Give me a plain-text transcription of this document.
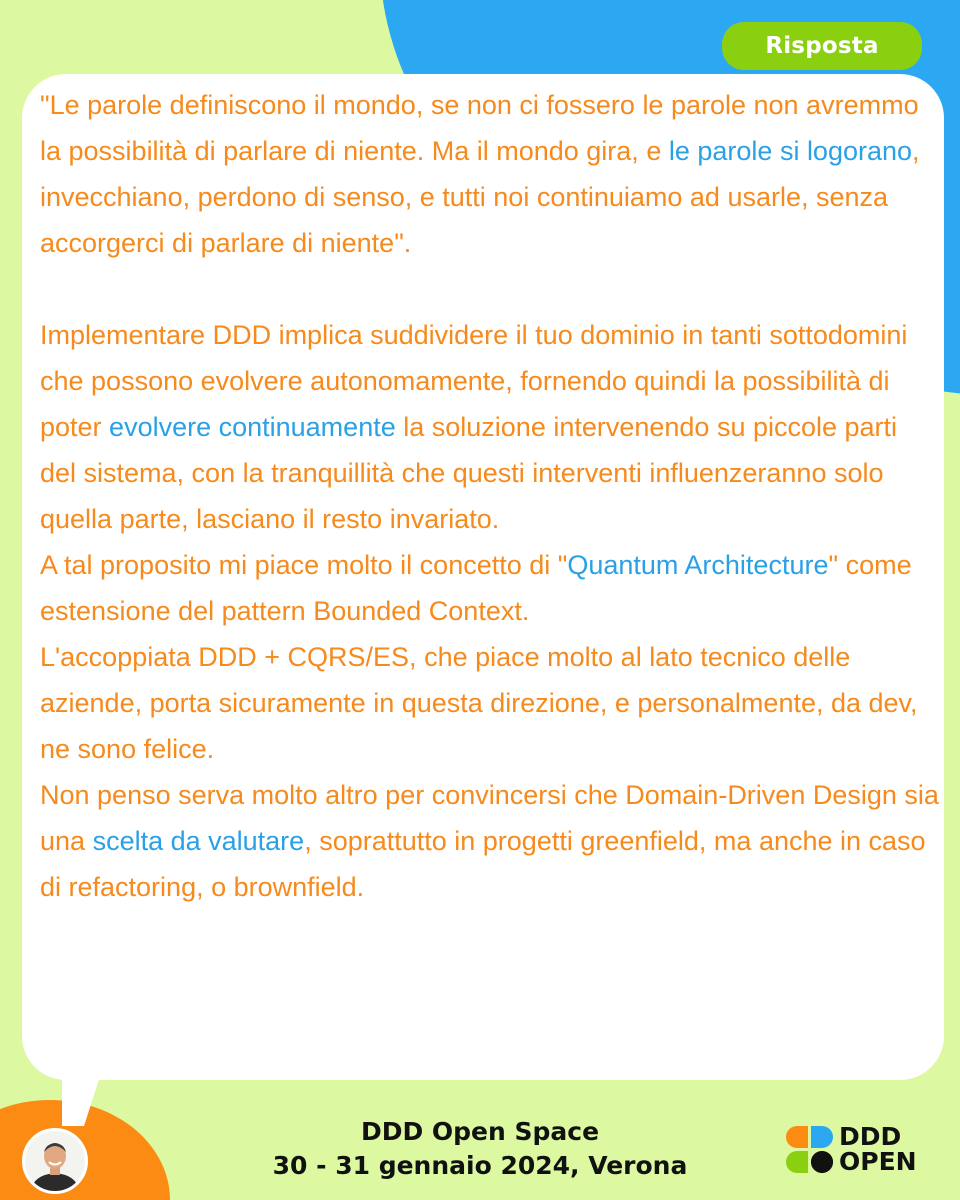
Risposta

"Le parole definiscono il mondo, se non ci fossero le parole non avremmo la possibilità di parlare di niente. Ma il mondo gira, e le parole si logorano, invecchiano, perdono di senso, e tutti noi continuiamo ad usarle, senza accorgerci di parlare di niente".

Implementare DDD implica suddividere il tuo dominio in tanti sottodomini che possono evolvere autonomamente, fornendo quindi la possibilità di poter evolvere continuamente la soluzione intervenendo su piccole parti del sistema, con la tranquillità che questi interventi influenzeranno solo quella parte, lasciano il resto invariato.

A tal proposito mi piace molto il concetto di "Quantum Architecture" come estensione del pattern Bounded Context.

L'accoppiata DDD + CQRS/ES, che piace molto al lato tecnico delle aziende, porta sicuramente in questa direzione, e personalmente, da dev, ne sono felice.

Non penso serva molto altro per convincersi che Domain-Driven Design sia una scelta da valutare, soprattutto in progetti greenfield, ma anche in caso di refactoring, o brownfield.

DDD Open Space
30 - 31 gennaio 2024, Verona
DDD
OPEN
